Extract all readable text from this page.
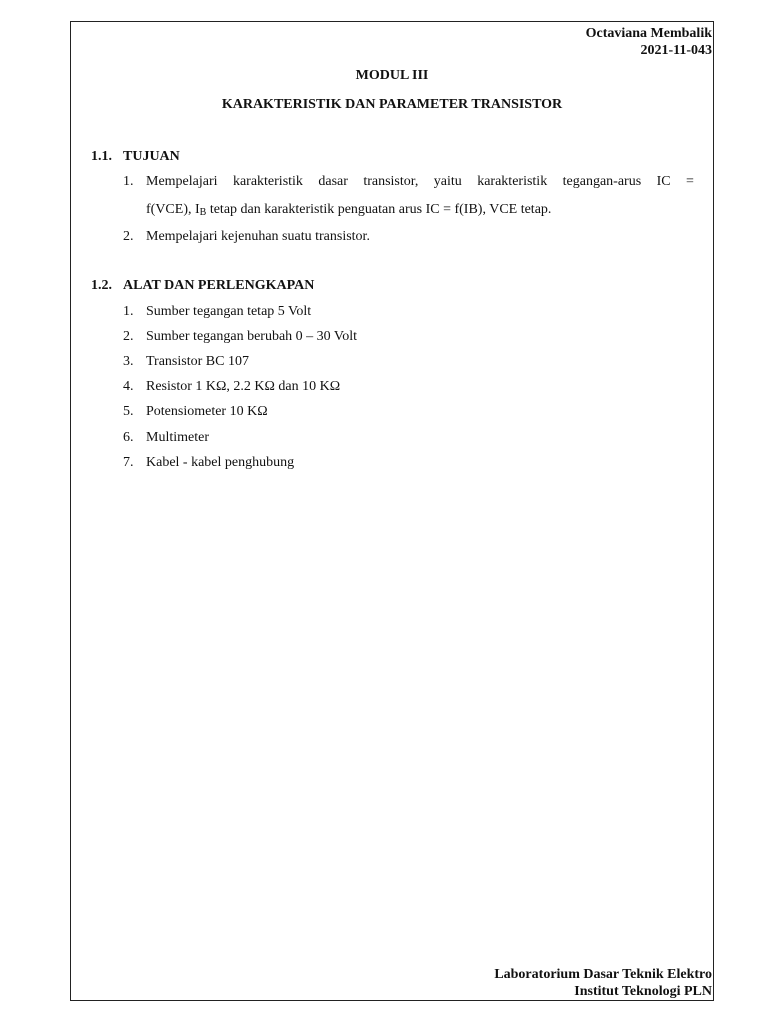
Octaviana Membalik
2021-11-043
MODUL III
KARAKTERISTIK DAN PARAMETER TRANSISTOR
1.1. TUJUAN
1. Mempelajari karakteristik dasar transistor, yaitu karakteristik tegangan-arus IC =
f(VCE), $I_B$ tetap dan karakteristik penguatan arus IC = f(IB), VCE tetap.
2. Mempelajari kejenuhan suatu transistor.
1.2. ALAT DAN PERLENGKAPAN
1. Sumber tegangan tetap 5 Volt
2. Sumber tegangan berubah 0 – 30 Volt
3. Transistor BC 107
4. Resistor 1 KΩ, 2.2 KΩ dan 10 KΩ
5. Potensiometer 10 KΩ
6. Multimeter
7. Kabel - kabel penghubung
Laboratorium Dasar Teknik Elektro
Institut Teknologi PLN
